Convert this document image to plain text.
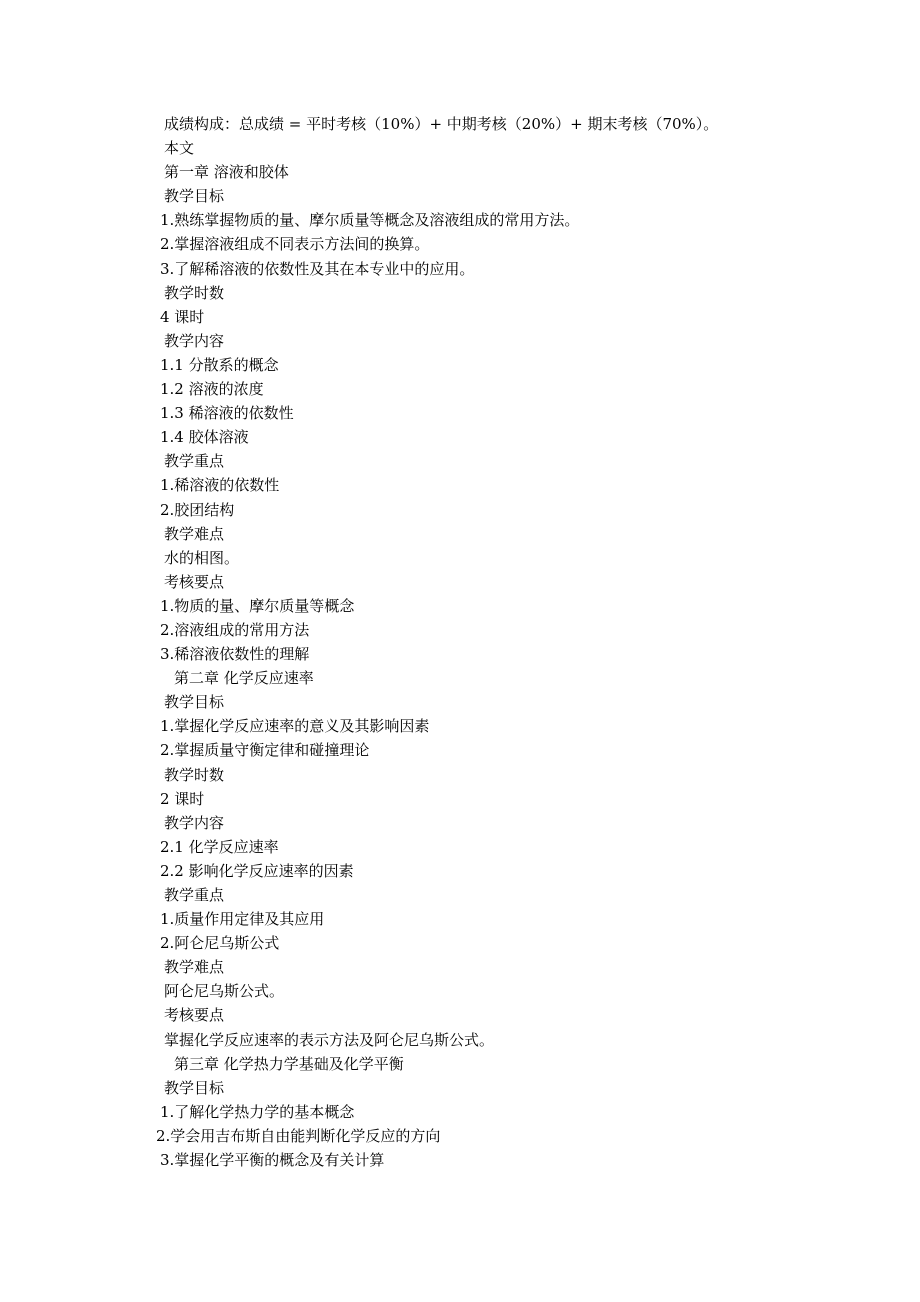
成绩构成：总成绩 = 平时考核（10%）+ 中期考核（20%）+ 期末考核（70%）。
本文
第一章 溶液和胶体
教学目标
1.熟练掌握物质的量、摩尔质量等概念及溶液组成的常用方法。
2.掌握溶液组成不同表示方法间的换算。
3.了解稀溶液的依数性及其在本专业中的应用。
教学时数
4 课时
教学内容
1.1 分散系的概念
1.2 溶液的浓度
1.3 稀溶液的依数性
1.4 胶体溶液
教学重点
1.稀溶液的依数性
2.胶团结构
教学难点
水的相图。
考核要点
1.物质的量、摩尔质量等概念
2.溶液组成的常用方法
3.稀溶液依数性的理解
第二章 化学反应速率
教学目标
1.掌握化学反应速率的意义及其影响因素
2.掌握质量守衡定律和碰撞理论
教学时数
2 课时
教学内容
2.1 化学反应速率
2.2 影响化学反应速率的因素
教学重点
1.质量作用定律及其应用
2.阿仑尼乌斯公式
教学难点
阿仑尼乌斯公式。
考核要点
掌握化学反应速率的表示方法及阿仑尼乌斯公式。
第三章 化学热力学基础及化学平衡
教学目标
1.了解化学热力学的基本概念
2.学会用吉布斯自由能判断化学反应的方向
3.掌握化学平衡的概念及有关计算
